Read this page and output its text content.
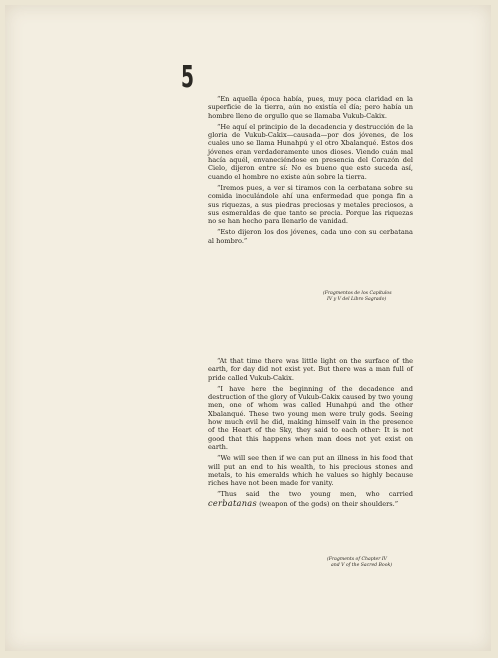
5

“En aquella época había, pues, muy poca claridad en la superficie de la tierra, aún no existía el día; pero había un hombre lleno de orgullo que se llamaba Vukub-Cakix.

“He aquí el principio de la decadencia y destrucción de la gloria de Vukub-Cakix—causada—por dos jóvenes, de los cuales uno se llama Hunahpú y el otro Xbalanqué. Estos dos jóvenes eran verdaderamente unos dioses. Viendo cuán mal hacía aquél, envaneciéndose en presencia del Corazón del Cielo, dijeron entre sí: No es bueno que esto suceda así, cuando el hombre no existe aún sobre la tierra.

“Iremos pues, a ver si tiramos con la cerbatana sobre su comida inoculándole ahí una enfermedad que ponga fin a sus riquezas, a sus piedras preciosas y metales preciosos, a sus esmeraldas de que tanto se precia. Porque las riquezas no se han hecho para llenarlo de vanidad.

“Esto dijeron los dos jóvenes, cada uno con su cerbatana al hombro.”

(Fragmentos de los Capítulos
IV y V del Libro Sagrado)

“At that time there was little light on the surface of the earth, for day did not exist yet. But there was a man full of pride called Vukub-Cakix.

“I have here the beginning of the decadence and destruction of the glory of Vukub-Cakix caused by two young men, one of whom was called Hunahpú and the other Xbalanqué. These two young men were truly gods. Seeing how much evil he did, making himself vain in the presence of the Heart of the Sky, they said to each other: It is not good that this happens when man does not yet exist on earth.

“We will see then if we can put an illness in his food that will put an end to his wealth, to his precious stones and metals, to his emeralds which he values so highly because riches have not been made for vanity.

“Thus said the two young men, who carried cerbatanas (weapon of the gods) on their shoulders.”

(Fragments of Chapter IV
and V of the Sacred Book)
